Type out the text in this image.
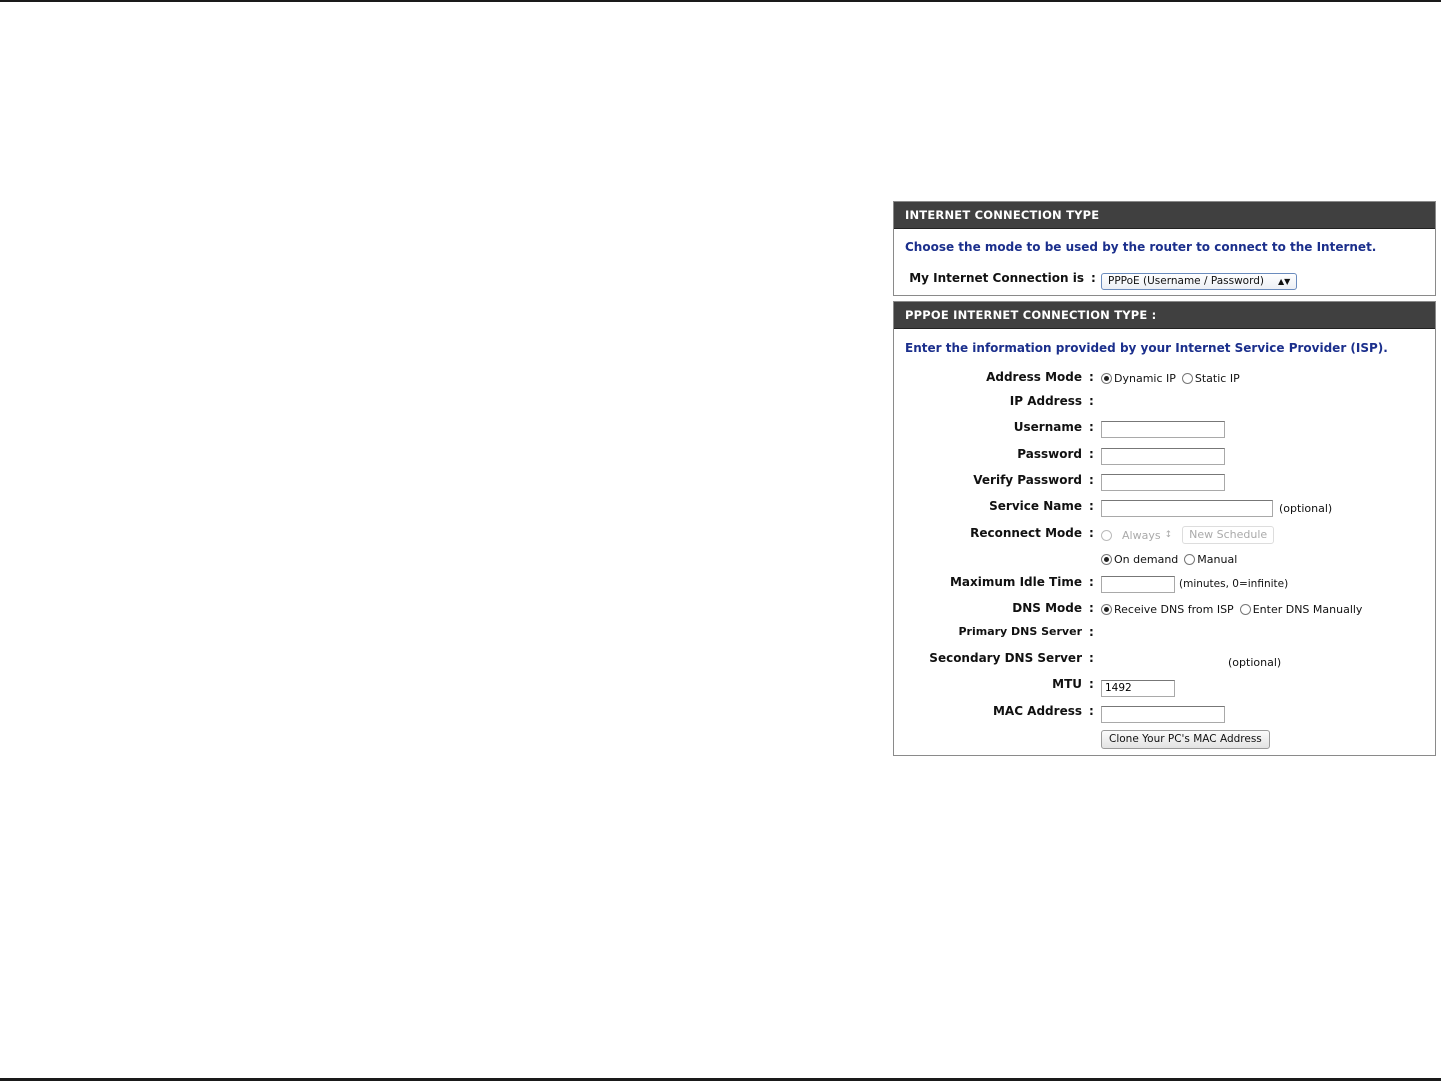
INTERNET CONNECTION TYPE
Choose the mode to be used by the router to connect to the Internet.
My Internet Connection is : PPPoE (Username / Password) ▲▼
PPPOE INTERNET CONNECTION TYPE :
Enter the information provided by your Internet Service Provider (ISP).
Address Mode : Dynamic IP Static IP
IP Address :
Username :
Password :
Verify Password :
Service Name :	(optional)
Reconnect Mode :	Always ↕	New Schedule
On demand Manual
Maximum Idle Time :	(minutes, 0=infinite)
DNS Mode : Receive DNS from ISP Enter DNS Manually
Primary DNS Server :
Secondary DNS Server :	(optional)
MTU :
1492
MAC Address :
Clone Your PC's MAC Address
